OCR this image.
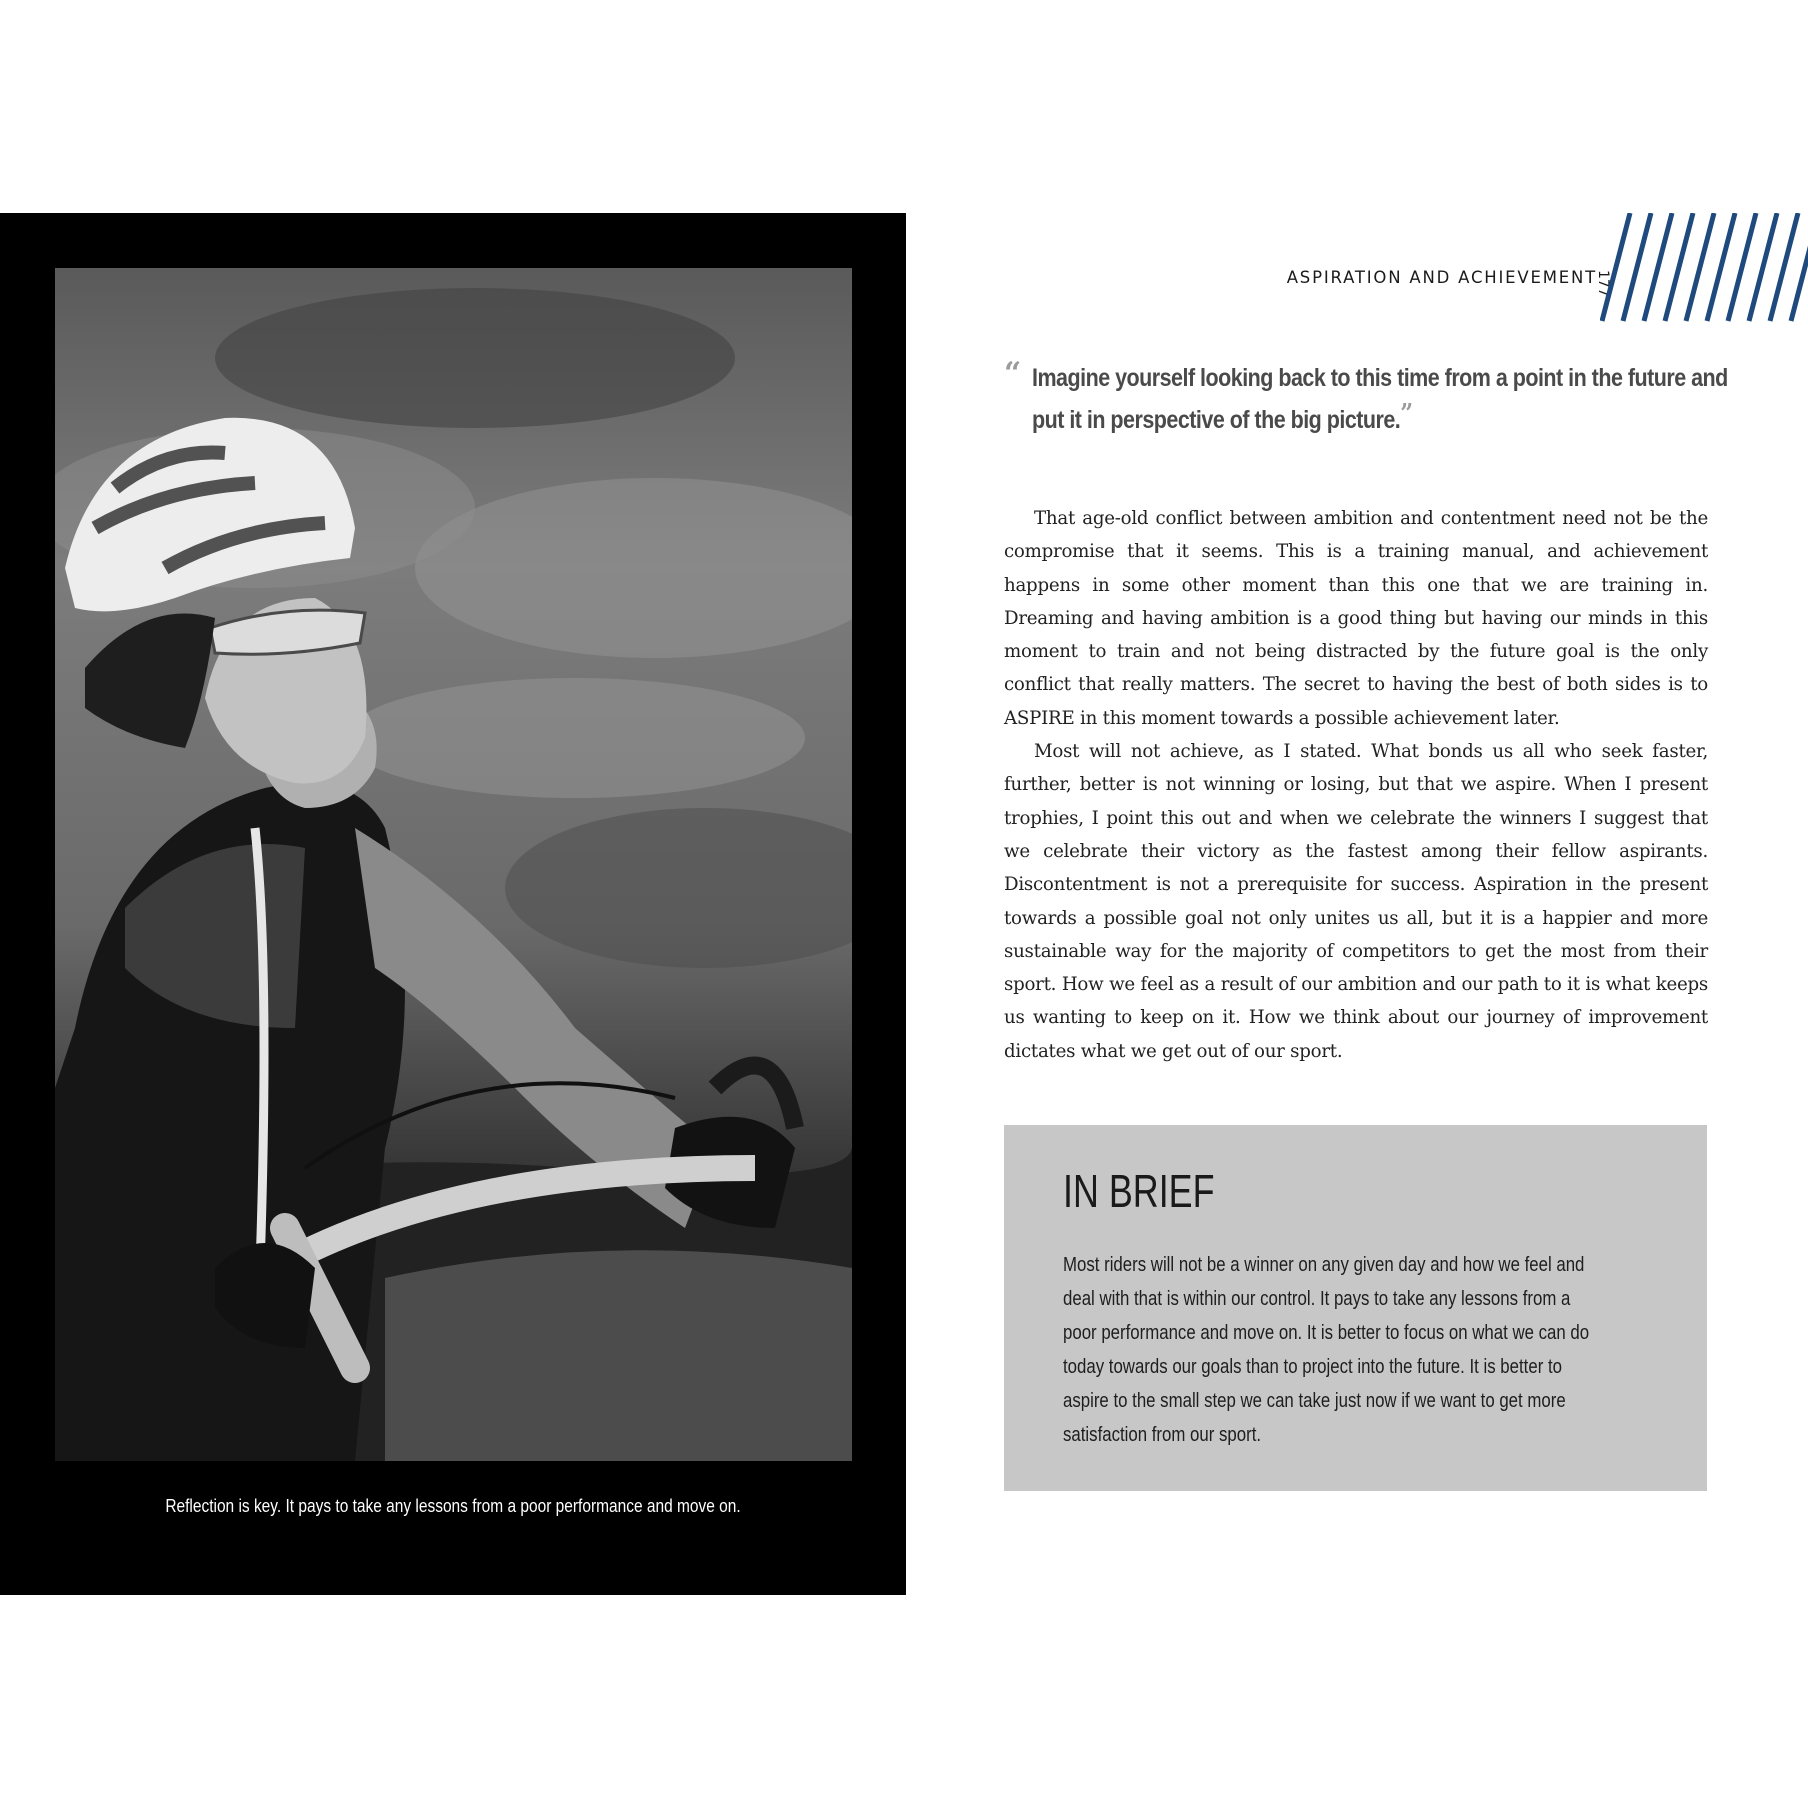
Reflection is key. It pays to take any lessons from a poor performance and move on.
ASPIRATION AND ACHIEVEMENT
177
“ Imagine yourself looking back to this time from a point in the future and put it in perspective of the big picture.”

That age-old conflict between ambition and contentment need not be the compromise that it seems. This is a training manual, and achievement happens in some other moment than this one that we are training in. Dreaming and having ambition is a good thing but having our minds in this moment to train and not being distracted by the future goal is the only conflict that really matters. The secret to having the best of both sides is to ASPIRE in this moment towards a possible achievement later.

Most will not achieve, as I stated. What bonds us all who seek faster, further, better is not winning or losing, but that we aspire. When I present trophies, I point this out and when we celebrate the winners I suggest that we celebrate their victory as the fastest among their fellow aspirants. Discontentment is not a prerequisite for success. Aspiration in the present towards a possible goal not only unites us all, but it is a happier and more sustainable way for the majority of competitors to get the most from their sport. How we feel as a result of our ambition and our path to it is what keeps us wanting to keep on it. How we think about our journey of improvement dictates what we get out of our sport.

IN BRIEF
Most riders will not be a winner on any given day and how we feel and deal with that is within our control. It pays to take any lessons from a poor performance and move on. It is better to focus on what we can do today towards our goals than to project into the future. It is better to aspire to the small step we can take just now if we want to get more satisfaction from our sport.
